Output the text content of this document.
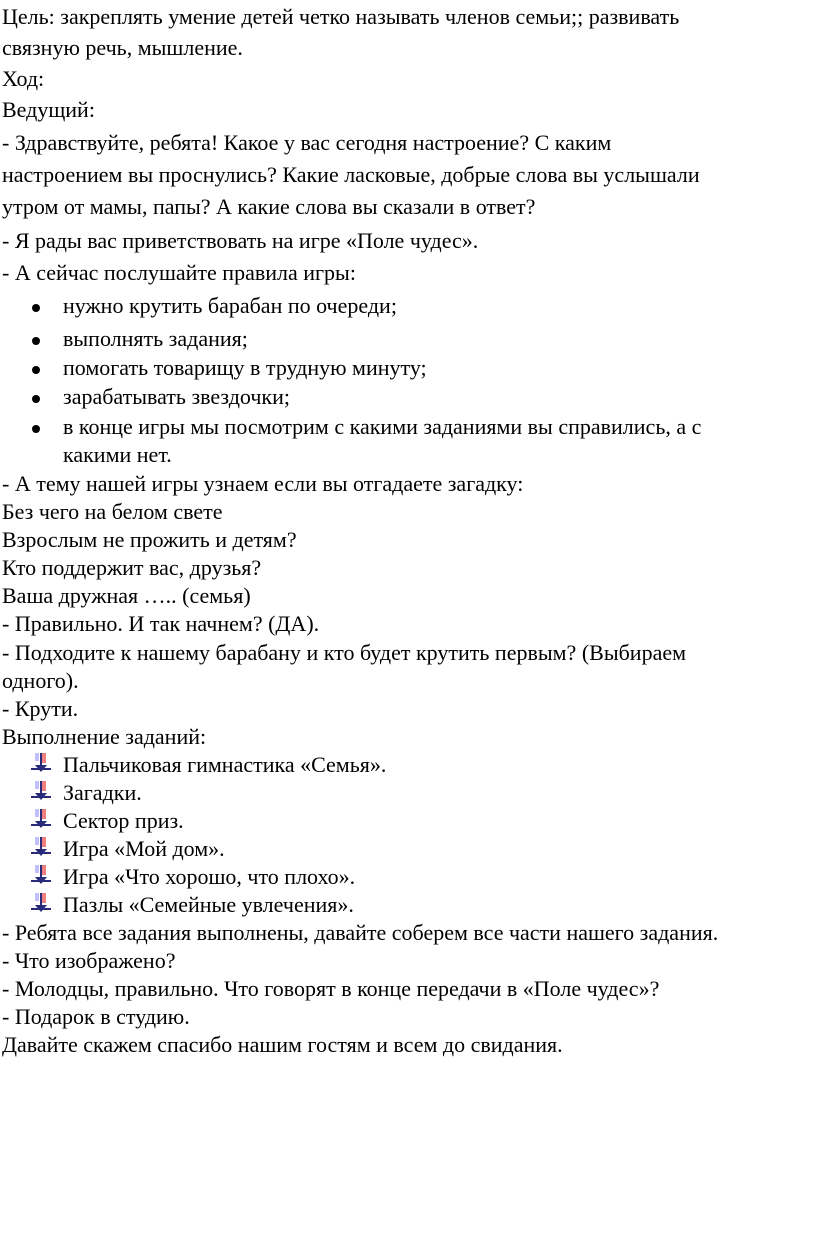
Цель: закреплять умение детей четко называть членов семьи;; развивать
связную речь, мышление.
Ход:
Ведущий:
- Здравствуйте, ребята! Какое у вас сегодня настроение? С каким
настроением вы проснулись? Какие ласковые, добрые слова вы услышали
утром от мамы, папы? А какие слова вы сказали в ответ?
- Я рады вас приветствовать на игре «Поле чудес».
- А сейчас послушайте правила игры:
нужно крутить барабан по очереди;
выполнять задания;
помогать товарищу в трудную минуту;
зарабатывать звездочки;
в конце игры мы посмотрим с какими заданиями вы справились, а с
какими нет.
- А тему нашей игры узнаем если вы отгадаете загадку:
Без чего на белом свете
Взрослым не прожить и детям?
Кто поддержит вас, друзья?
Ваша дружная ….. (семья)
- Правильно. И так начнем? (ДА).
- Подходите к нашему барабану и кто будет крутить первым? (Выбираем
одного).
- Крути.
Выполнение заданий:
Пальчиковая гимнастика «Семья».
Загадки.
Сектор приз.
Игра «Мой дом».
Игра «Что хорошо, что плохо».
Пазлы «Семейные увлечения».
- Ребята все задания выполнены, давайте соберем все части нашего задания.
- Что изображено?
- Молодцы, правильно. Что говорят в конце передачи в «Поле чудес»?
- Подарок в студию.
Давайте скажем спасибо нашим гостям и всем до свидания.
